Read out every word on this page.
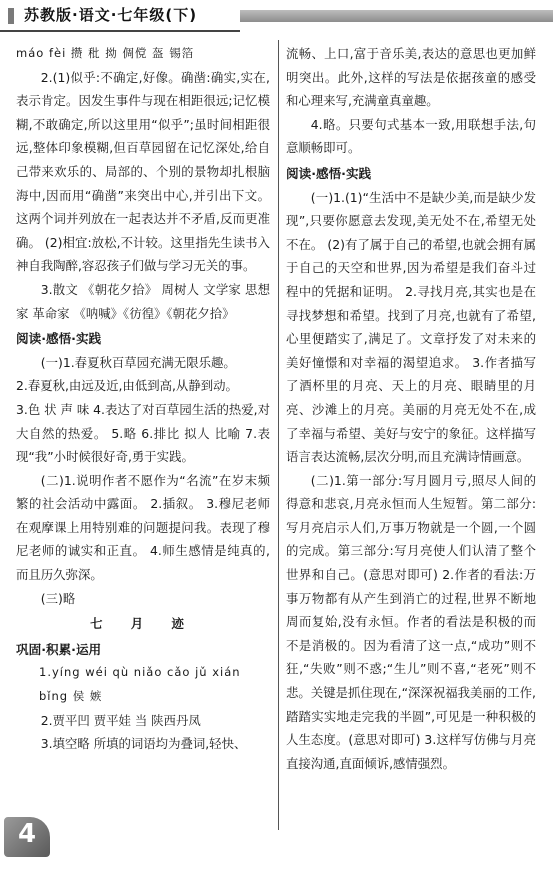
苏教版·语文·七年级(下)

máo fèi 攒 秕 拗 倜傥 盔 锡箔

2.(1)似乎:不确定,好像。确凿:确实,实在,表示肯定。因发生事件与现在相距很远;记忆模糊,不敢确定,所以这里用“似乎”;虽时间相距很远,整体印象模糊,但百草园留在记忆深处,给自己带来欢乐的、局部的、个别的景物却扎根脑海中,因而用“确凿”来突出中心,并引出下文。这两个词并列放在一起表达并不矛盾,反而更准确。 (2)相宜:放松,不计较。这里指先生读书入神自我陶醉,容忍孩子们做与学习无关的事。

3.散文 《朝花夕拾》 周树人 文学家 思想家 革命家 《呐喊》《彷徨》《朝花夕拾》

阅读·感悟·实践

(一)1.春夏秋百草园充满无限乐趣。

2.春夏秋,由远及近,由低到高,从静到动。

3.色 状 声 味 4.表达了对百草园生活的热爱,对大自然的热爱。 5.略 6.排比 拟人 比喻 7.表现“我”小时候很好奇,勇于实践。

(二)1.说明作者不愿作为“名流”在岁末频繁的社会活动中露面。 2.插叙。 3.穆尼老师在观摩课上用特别难的问题提问我。表现了穆尼老师的诚实和正直。 4.师生感情是纯真的,而且历久弥深。

(三)略

七 月 迹

巩固·积累·运用

1.yíng wéi qù niǎo cǎo jǔ xián

bǐng 侯 嫉

2.贾平凹 贾平娃 当 陕西丹凤

3.填空略 所填的词语均为叠词,轻快、

流畅、上口,富于音乐美,表达的意思也更加鲜明突出。此外,这样的写法是依据孩童的感受和心理来写,充满童真童趣。

4.略。只要句式基本一致,用联想手法,句意顺畅即可。

阅读·感悟·实践

(一)1.(1)“生活中不是缺少美,而是缺少发现”,只要你愿意去发现,美无处不在,希望无处不在。 (2)有了属于自己的希望,也就会拥有属于自己的天空和世界,因为希望是我们奋斗过程中的凭据和证明。 2.寻找月亮,其实也是在寻找梦想和希望。找到了月亮,也就有了希望,心里便踏实了,满足了。文章抒发了对未来的美好憧憬和对幸福的渴望追求。 3.作者描写了酒杯里的月亮、天上的月亮、眼睛里的月亮、沙滩上的月亮。美丽的月亮无处不在,成了幸福与希望、美好与安宁的象征。这样描写语言表达流畅,层次分明,而且充满诗情画意。

(二)1.第一部分:写月圆月亏,照尽人间的得意和悲哀,月亮永恒而人生短暂。第二部分:写月亮启示人们,万事万物就是一个圆,一个圆的完成。第三部分:写月亮使人们认清了整个世界和自己。(意思对即可) 2.作者的看法:万事万物都有从产生到消亡的过程,世界不断地周而复始,没有永恒。作者的看法是积极的而不是消极的。因为看清了这一点,“成功”则不狂,“失败”则不惑;“生儿”则不喜,“老死”则不悲。关键是抓住现在,“深深祝福我美丽的工作,踏踏实实地走完我的半圆”,可见是一种积极的人生态度。(意思对即可) 3.这样写仿佛与月亮直接沟通,直面倾诉,感情强烈。

4
